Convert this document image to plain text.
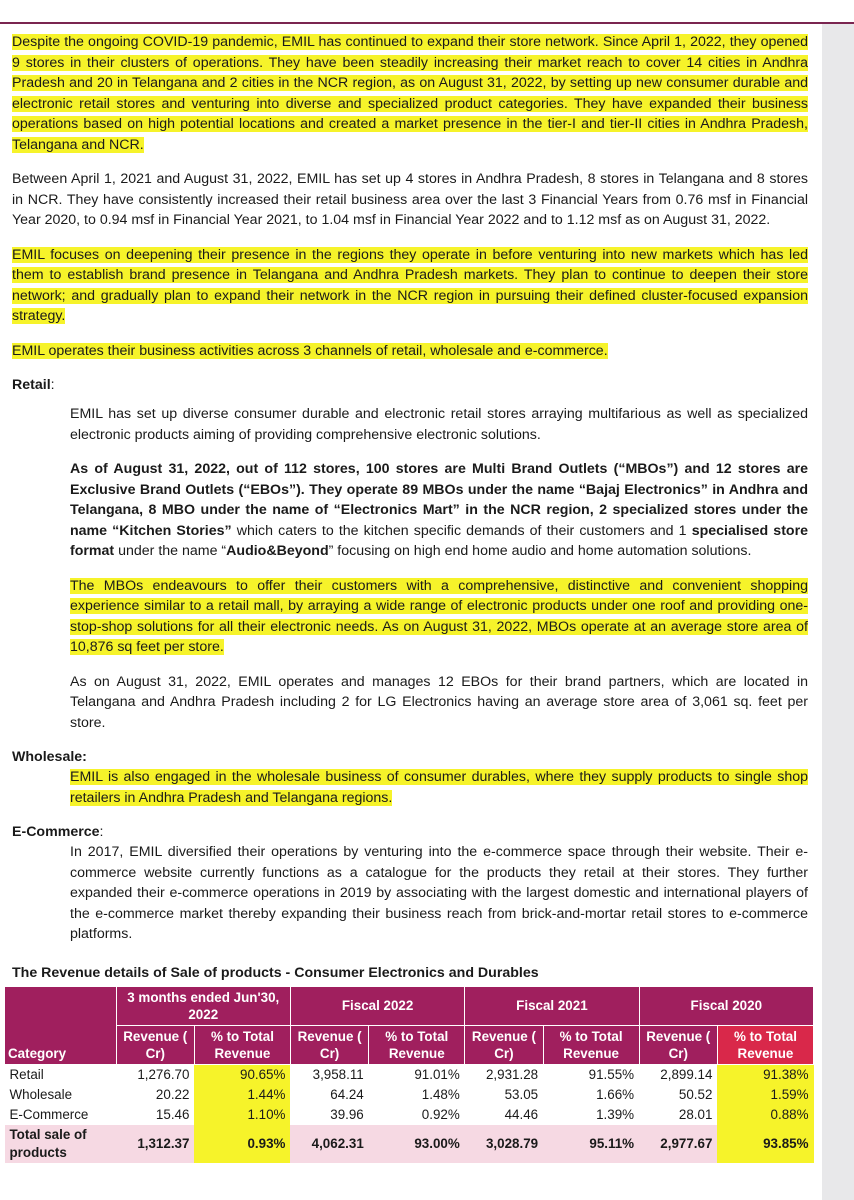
Despite the ongoing COVID-19 pandemic, EMIL has continued to expand their store network. Since April 1, 2022, they opened 9 stores in their clusters of operations. They have been steadily increasing their market reach to cover 14 cities in Andhra Pradesh and 20 in Telangana and 2 cities in the NCR region, as on August 31, 2022, by setting up new consumer durable and electronic retail stores and venturing into diverse and specialized product categories. They have expanded their business operations based on high potential locations and created a market presence in the tier-I and tier-II cities in Andhra Pradesh, Telangana and NCR.

Between April 1, 2021 and August 31, 2022, EMIL has set up 4 stores in Andhra Pradesh, 8 stores in Telangana and 8 stores in NCR. They have consistently increased their retail business area over the last 3 Financial Years from 0.76 msf in Financial Year 2020, to 0.94 msf in Financial Year 2021, to 1.04 msf in Financial Year 2022 and to 1.12 msf as on August 31, 2022.

EMIL focuses on deepening their presence in the regions they operate in before venturing into new markets which has led them to establish brand presence in Telangana and Andhra Pradesh markets. They plan to continue to deepen their store network; and gradually plan to expand their network in the NCR region in pursuing their defined cluster-focused expansion strategy.

EMIL operates their business activities across 3 channels of retail, wholesale and e-commerce.

Retail:

EMIL has set up diverse consumer durable and electronic retail stores arraying multifarious as well as specialized electronic products aiming of providing comprehensive electronic solutions.

As of August 31, 2022, out of 112 stores, 100 stores are Multi Brand Outlets (“MBOs”) and 12 stores are Exclusive Brand Outlets (“EBOs”). They operate 89 MBOs under the name “Bajaj Electronics” in Andhra and Telangana, 8 MBO under the name of “Electronics Mart” in the NCR region, 2 specialized stores under the name “Kitchen Stories” which caters to the kitchen specific demands of their customers and 1 specialised store format under the name “Audio&Beyond” focusing on high end home audio and home automation solutions.

The MBOs endeavours to offer their customers with a comprehensive, distinctive and convenient shopping experience similar to a retail mall, by arraying a wide range of electronic products under one roof and providing one-stop-shop solutions for all their electronic needs. As on August 31, 2022, MBOs operate at an average store area of 10,876 sq feet per store.

As on August 31, 2022, EMIL operates and manages 12 EBOs for their brand partners, which are located in Telangana and Andhra Pradesh including 2 for LG Electronics having an average store area of 3,061 sq. feet per store.

Wholesale:

EMIL is also engaged in the wholesale business of consumer durables, where they supply products to single shop retailers in Andhra Pradesh and Telangana regions.

E-Commerce:

In 2017, EMIL diversified their operations by venturing into the e-commerce space through their website. Their e-commerce website currently functions as a catalogue for the products they retail at their stores. They further expanded their e-commerce operations in 2019 by associating with the largest domestic and international players of the e-commerce market thereby expanding their business reach from brick-and-mortar retail stores to e-commerce platforms.

The Revenue details of Sale of products - Consumer Electronics and Durables
Category	3 months ended Jun'30, 2022		Fiscal 2022		Fiscal 2021		Fiscal 2020	
	Revenue ( Cr)	% to Total Revenue	Revenue ( Cr)	% to Total Revenue	Revenue ( Cr)	% to Total Revenue	Revenue ( Cr)	% to Total Revenue
Retail	1,276.70	90.65%	3,958.11	91.01%	2,931.28	91.55%	2,899.14	91.38%
Wholesale	20.22	1.44%	64.24	1.48%	53.05	1.66%	50.52	1.59%
E-Commerce	15.46	1.10%	39.96	0.92%	44.46	1.39%	28.01	0.88%
Total sale of products	1,312.37	0.93%	4,062.31	93.00%	3,028.79	95.11%	2,977.67	93.85%
